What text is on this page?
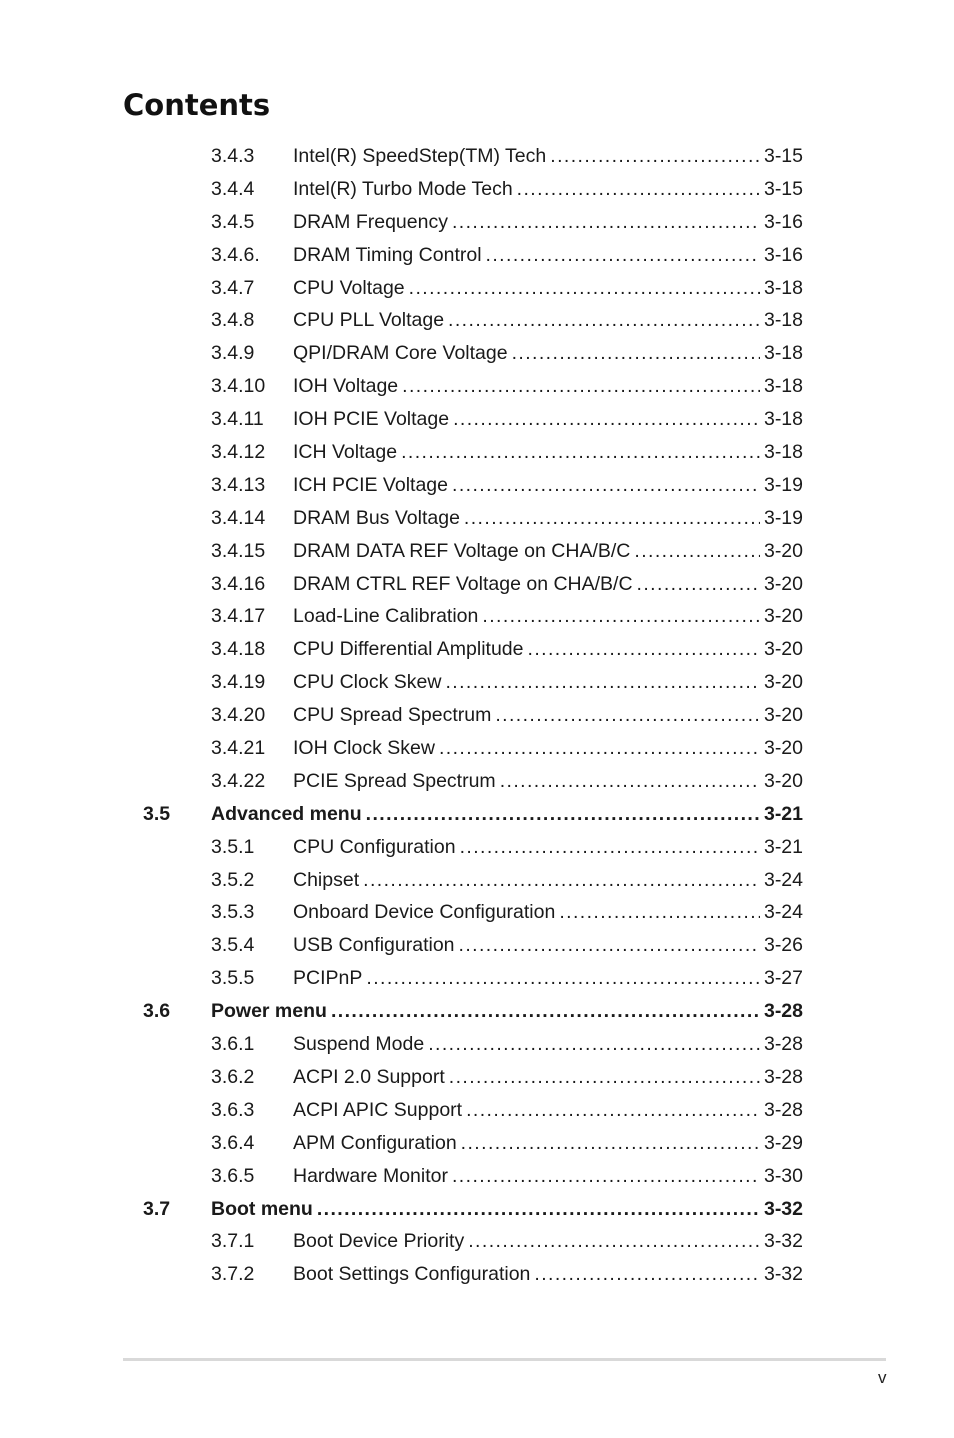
Contents
3.4.3 Intel(R) SpeedStep(TM) Tech .....	3-15
3.4.4 Intel(R) Turbo Mode Tech .....	3-15
3.4.5 DRAM Frequency .....	3-16
3.4.6. DRAM Timing Control .....	3-16
3.4.7 CPU Voltage .....	3-18
3.4.8 CPU PLL Voltage .....	3-18
3.4.9 QPI/DRAM Core Voltage .....	3-18
3.4.10 IOH Voltage .....	3-18
3.4.11 IOH PCIE Voltage .....	3-18
3.4.12 ICH Voltage .....	3-18
3.4.13 ICH PCIE Voltage .....	3-19
3.4.14 DRAM Bus Voltage .....	3-19
3.4.15 DRAM DATA REF Voltage on CHA/B/C .....	3-20
3.4.16 DRAM CTRL REF Voltage on CHA/B/C .....	3-20
3.4.17 Load-Line Calibration .....	3-20
3.4.18 CPU Differential Amplitude .....	3-20
3.4.19 CPU Clock Skew .....	3-20
3.4.20 CPU Spread Spectrum .....	3-20
3.4.21 IOH Clock Skew .....	3-20
3.4.22 PCIE Spread Spectrum .....	3-20
3.5 Advanced menu .....	3-21
3.5.1 CPU Configuration .....	3-21
3.5.2 Chipset .....	3-24
3.5.3 Onboard Device Configuration .....	3-24
3.5.4 USB Configuration .....	3-26
3.5.5 PCIPnP .....	3-27
3.6 Power menu .....	3-28
3.6.1 Suspend Mode .....	3-28
3.6.2 ACPI 2.0 Support .....	3-28
3.6.3 ACPI APIC Support .....	3-28
3.6.4 APM Configuration .....	3-29
3.6.5 Hardware Monitor .....	3-30
3.7 Boot menu .....	3-32
3.7.1 Boot Device Priority .....	3-32
3.7.2 Boot Settings Configuration .....	3-32
v
